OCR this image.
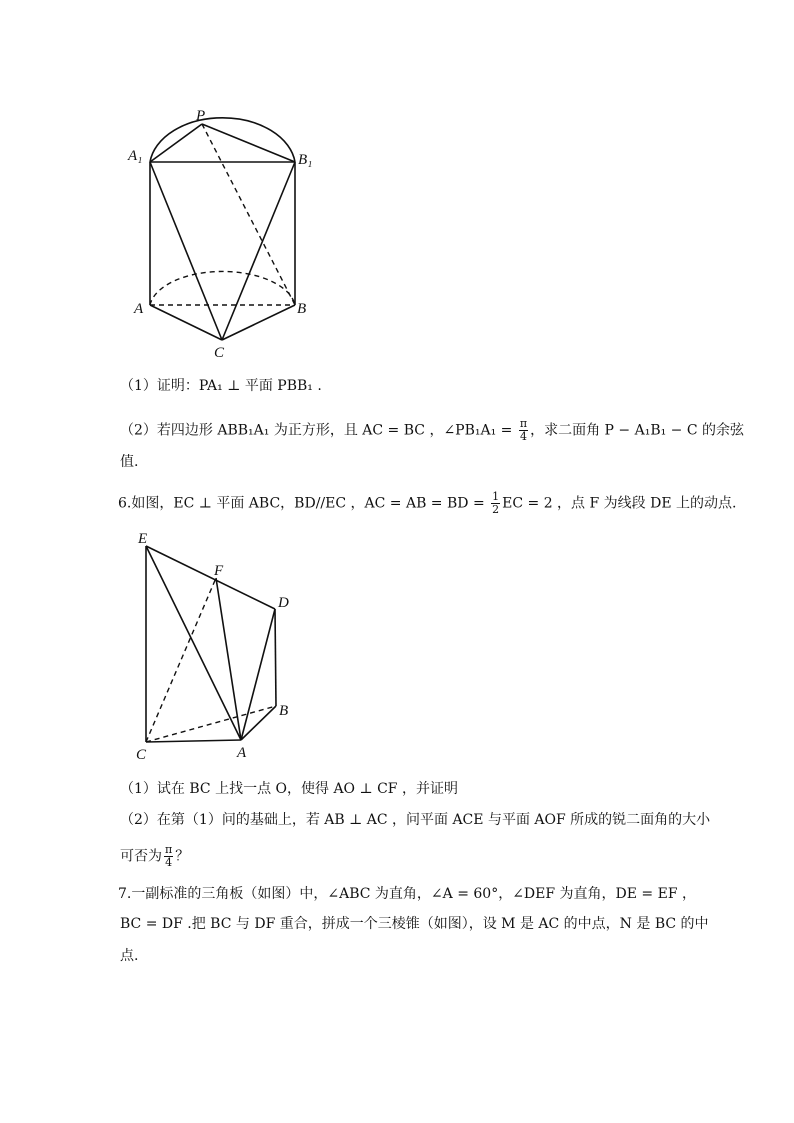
P
A₁	B₁
A	B
C
（1）证明：PA₁ ⊥ 平面 PBB₁ .
（2）若四边形 ABB₁A₁ 为正方形，且 AC = BC ，∠PB₁A₁ = $\frac{\pi}{4}$ ，求二面角 P − A₁B₁ − C 的余弦
值.
6.如图，EC ⊥ 平面 ABC，BD//EC ，AC = AB = BD = $\frac{1}{2}$ EC = 2 ，点 F 为线段 DE 上的动点.
E
F
D
B
C	A
（1）试在 BC 上找一点 O，使得 AO ⊥ CF ，并证明
（2）在第（1）问的基础上，若 AB ⊥ AC ，问平面 ACE 与平面 AOF 所成的锐二面角的大小
可否为 $\frac{\pi}{4}$ ？
7.一副标准的三角板（如图）中，∠ABC 为直角，∠A = 60°，∠DEF 为直角，DE = EF ，
BC = DF .把 BC 与 DF 重合，拼成一个三棱锥（如图），设 M 是 AC 的中点，N 是 BC 的中
点.
